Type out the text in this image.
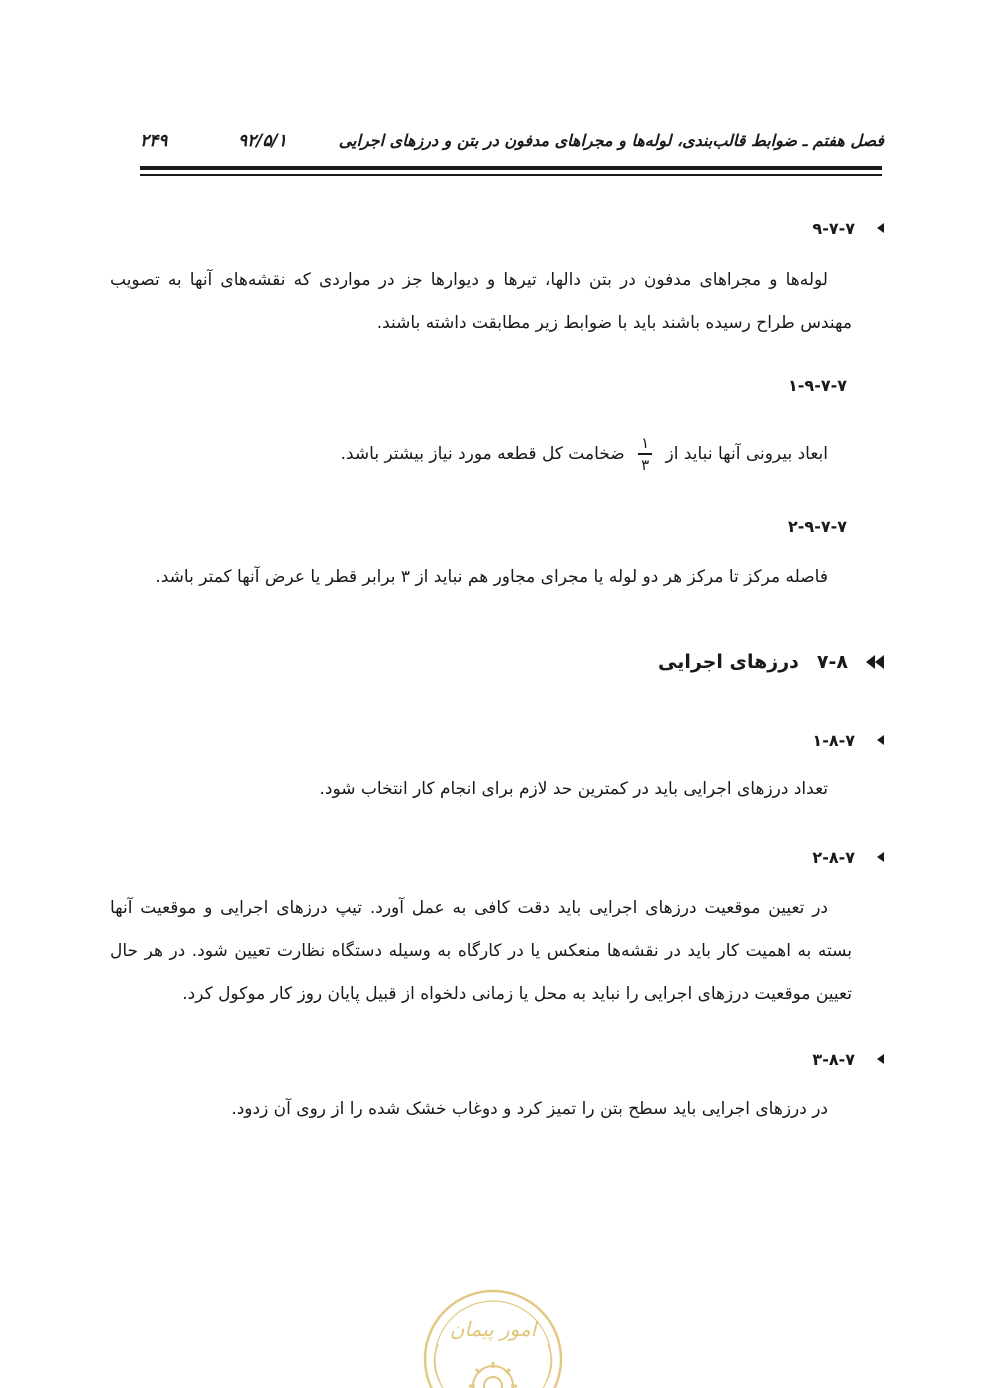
فصل هفتم ـ ضوابط قالب‌بندی، لوله‌ها و مجراهای مدفون در بتن و درزهای اجرایی
۹۲/۵/۱
۲۴۹
۹-۷-۷
لوله‌ها و مجراهای مدفون در بتن دالها، تیرها و دیوارها جز در مواردی که نقشه‌های آنها به تصویب
مهندس طراح رسیده باشند باید با ضوابط زیر مطابقت داشته باشند.
۱-۹-۷-۷
ابعاد بیرونی آنها نباید از
$\frac{۱}{۳}$
ضخامت کل قطعه مورد نیاز بیشتر باشد.
۲-۹-۷-۷
فاصله مرکز تا مرکز هر دو لوله یا مجرای مجاور هم نباید از ۳ برابر قطر یا عرض آنها کمتر باشد.
۷-۸
درزهای اجرایی
۱-۸-۷
تعداد درزهای اجرایی باید در کمترین حد لازم برای انجام کار انتخاب شود.
۲-۸-۷
در تعیین موقعیت درزهای اجرایی باید دقت کافی به عمل آورد. تیپ درزهای اجرایی و موقعیت آنها
بسته به اهمیت کار باید در نقشه‌ها منعکس یا در کارگاه به وسیله دستگاه نظارت تعیین شود. در هر حال
تعیین موقعیت درزهای اجرایی را نباید به محل یا زمانی دلخواه از قبیل پایان روز کار موکول کرد.
۳-۸-۷
در درزهای اجرایی باید سطح بتن را تمیز کرد و دوغاب خشک شده را از روی آن زدود.
امور پیمان
